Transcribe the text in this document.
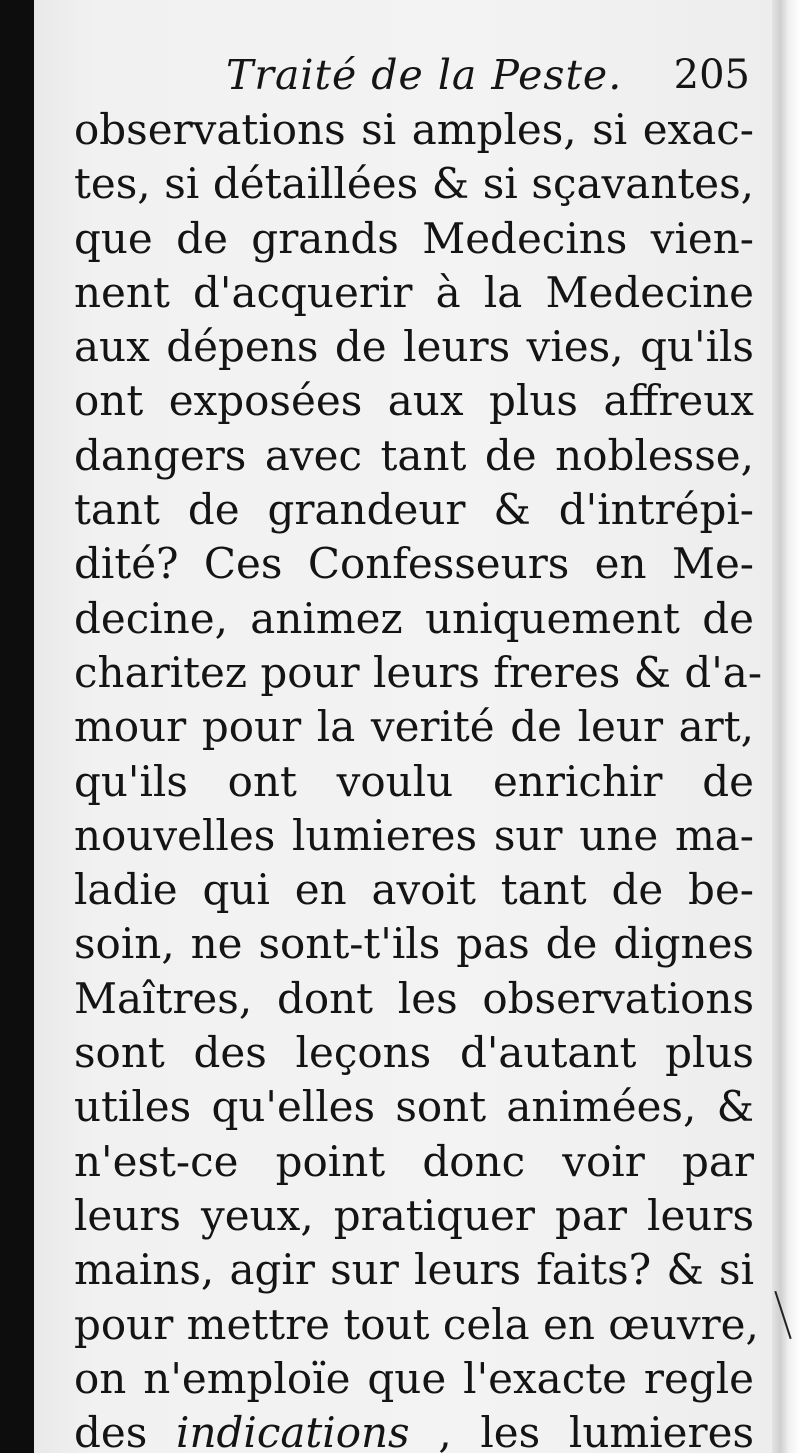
Traité de la Peste. 205
observations si amples, si exac-
tes, si détaillées & si sçavantes,
que de grands Medecins vien-
nent d'acquerir à la Medecine
aux dépens de leurs vies, qu'ils
ont exposées aux plus affreux
dangers avec tant de noblesse,
tant de grandeur & d'intrépi-
dité? Ces Confesseurs en Me-
decine, animez uniquement de
charitez pour leurs freres & d'a-
mour pour la verité de leur art,
qu'ils ont voulu enrichir de
nouvelles lumieres sur une ma-
ladie qui en avoit tant de be-
soin, ne sont-t'ils pas de dignes
Maîtres, dont les observations
sont des leçons d'autant plus
utiles qu'elles sont animées, &
n'est-ce point donc voir par
leurs yeux, pratiquer par leurs
mains, agir sur leurs faits? & si
pour mettre tout cela en œuvre,
on n'emploïe que l'exacte regle
des indications , les lumieres
